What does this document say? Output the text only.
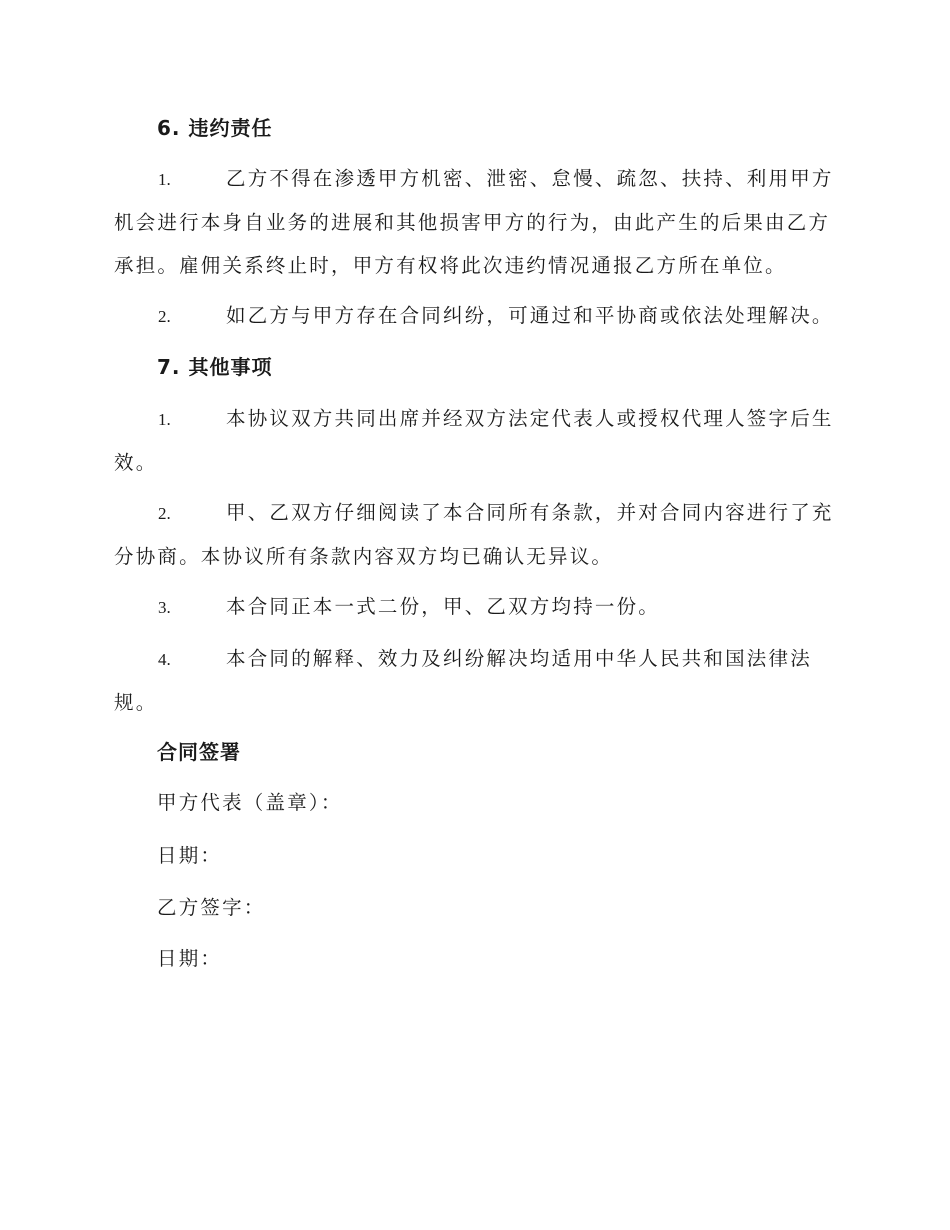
6. 违约责任

1.	乙方不得在渗透甲方机密、泄密、怠慢、疏忽、扶持、利用甲方机会进行本身自业务的进展和其他损害甲方的行为，由此产生的后果由乙方承担。雇佣关系终止时，甲方有权将此次违约情况通报乙方所在单位。

2.	如乙方与甲方存在合同纠纷，可通过和平协商或依法处理解决。

7. 其他事项

1.	本协议双方共同出席并经双方法定代表人或授权代理人签字后生效。

2.	甲、乙双方仔细阅读了本合同所有条款，并对合同内容进行了充分协商。本协议所有条款内容双方均已确认无异议。

3.	本合同正本一式二份，甲、乙双方均持一份。

4.	本合同的解释、效力及纠纷解决均适用中华人民共和国法律法规。

合同签署

甲方代表（盖章）：

日期：

乙方签字：

日期：
